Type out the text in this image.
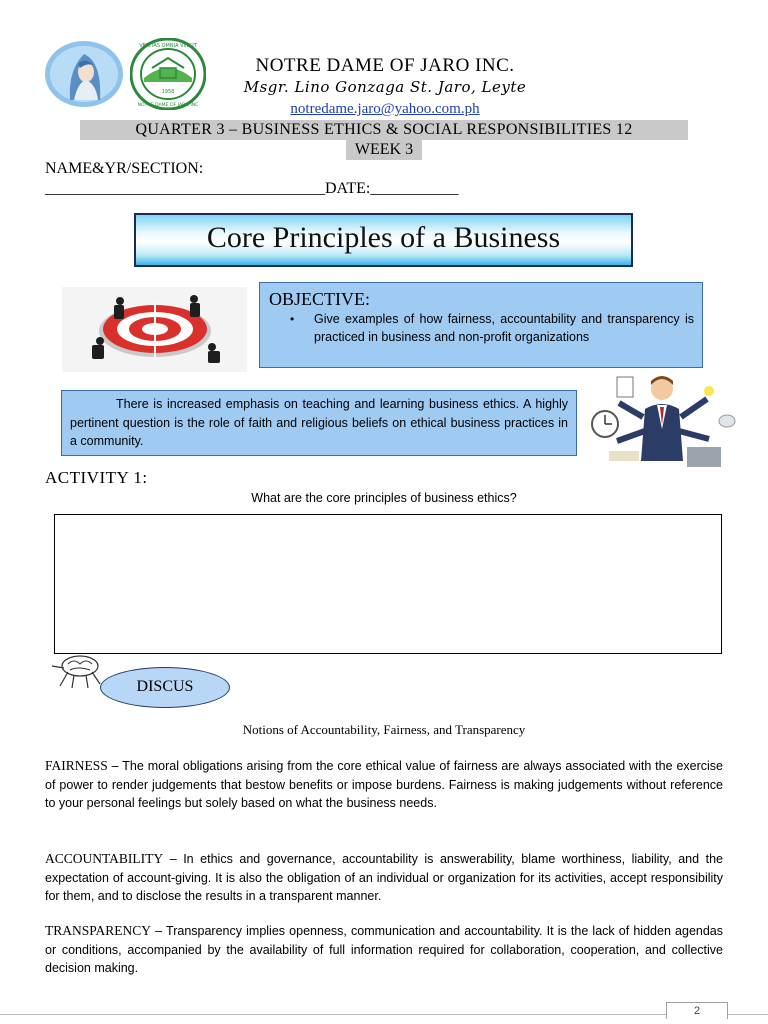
1958
VERITAS OMNIA VINCIT
NOTRE DAME OF JARO INC
NOTRE DAME OF JARO INC.
Msgr. Lino Gonzaga St. Jaro, Leyte
notredame.jaro@yahoo.com.ph
QUARTER 3 – BUSINESS ETHICS & SOCIAL RESPONSIBILITIES 12
WEEK 3
NAME&YR/SECTION:
___________________________________DATE:___________
Core Principles of a Business
OBJECTIVE:
• Give examples of how fairness, accountability and transparency is practiced in business and non-profit organizations
There is increased emphasis on teaching and learning business ethics. A highly pertinent question is the role of faith and religious beliefs on ethical business practices in a community.
ACTIVITY 1:
What are the core principles of business ethics?
DISCUS
Notions of Accountability, Fairness, and Transparency
FAIRNESS – The moral obligations arising from the core ethical value of fairness are always associated with the exercise of power to render judgements that bestow benefits or impose burdens. Fairness is making judgements without reference to your personal feelings but solely based on what the business needs.
ACCOUNTABILITY – In ethics and governance, accountability is answerability, blame worthiness, liability, and the expectation of account-giving. It is also the obligation of an individual or organization for its activities, accept responsibility for them, and to disclose the results in a transparent manner.
TRANSPARENCY – Transparency implies openness, communication and accountability. It is the lack of hidden agendas or conditions, accompanied by the availability of full information required for collaboration, cooperation, and collective decision making.
2
